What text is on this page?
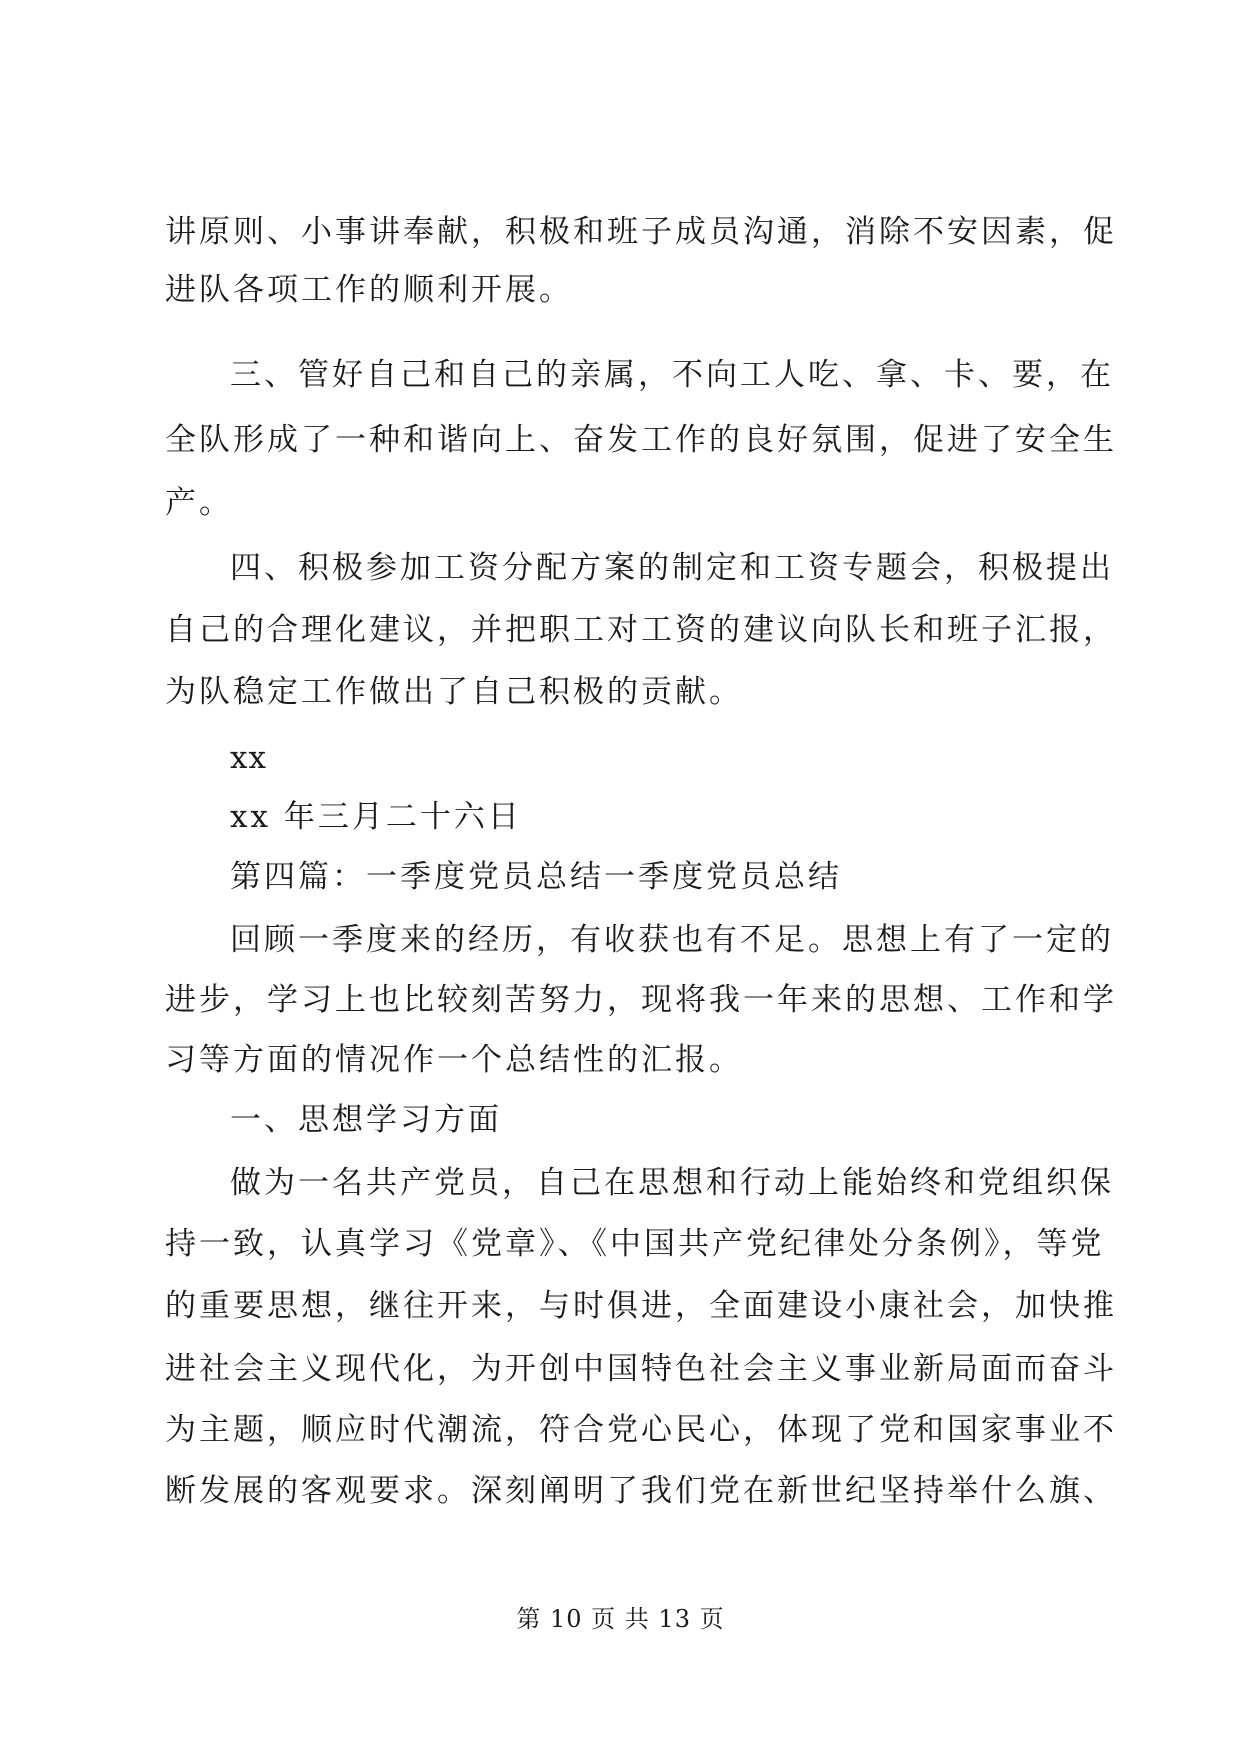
讲原则、小事讲奉献，积极和班子成员沟通，消除不安因素，促
进队各项工作的顺利开展。
三、管好自己和自己的亲属，不向工人吃、拿、卡、要，在
全队形成了一种和谐向上、奋发工作的良好氛围，促进了安全生
产。
四、积极参加工资分配方案的制定和工资专题会，积极提出
自己的合理化建议，并把职工对工资的建议向队长和班子汇报，
为队稳定工作做出了自己积极的贡献。
xx
xx 年三月二十六日
第四篇：一季度党员总结一季度党员总结
回顾一季度来的经历，有收获也有不足。思想上有了一定的
进步，学习上也比较刻苦努力，现将我一年来的思想、工作和学
习等方面的情况作一个总结性的汇报。
一、思想学习方面
做为一名共产党员，自己在思想和行动上能始终和党组织保
持一致，认真学习《党章》、《中国共产党纪律处分条例》，等党
的重要思想，继往开来，与时俱进，全面建设小康社会，加快推
进社会主义现代化，为开创中国特色社会主义事业新局面而奋斗
为主题，顺应时代潮流，符合党心民心，体现了党和国家事业不
断发展的客观要求。深刻阐明了我们党在新世纪坚持举什么旗、
第 10 页 共 13 页
